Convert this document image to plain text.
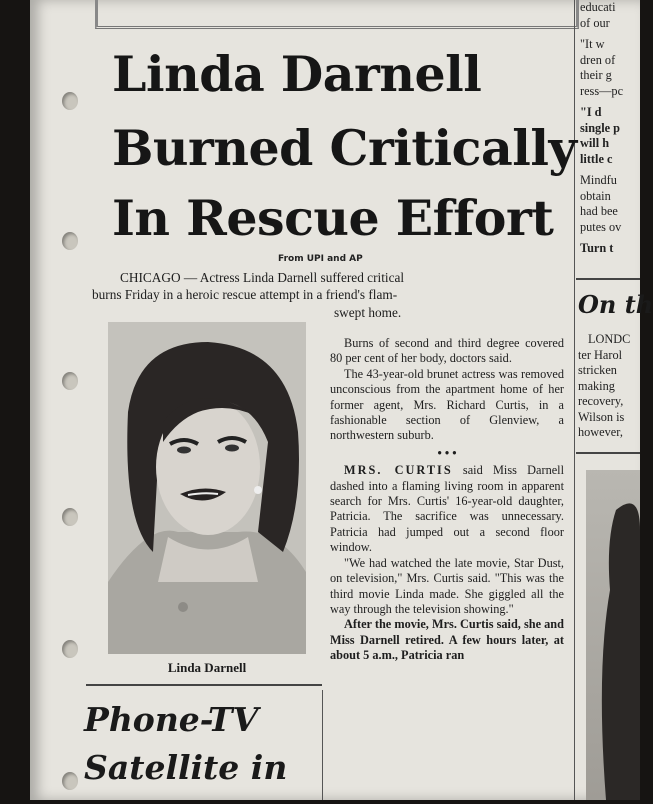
Linda Darnell
Burned Critically
In Rescue Effort
From UPI and AP
CHICAGO — Actress Linda Darnell suffered critical
burns Friday in a heroic rescue attempt in a friend's flam-
swept home.
Linda Darnell

Burns of second and third degree covered 80 per cent of her body, doctors said.

The 43-year-old brunet actress was removed unconscious from the apartment home of her former agent, Mrs. Richard Curtis, in a fashionable section of Glenview, a northwestern suburb.

• • •

MRS. CURTIS said Miss Darnell dashed into a flaming living room in apparent search for Mrs. Curtis' 16-year-old daughter, Patricia. The sacrifice was unnecessary. Patricia had jumped out a second floor window.

"We had watched the late movie, Star Dust, on television," Mrs. Curtis said. "This was the third movie Linda made. She giggled all the way through the television showing."

After the movie, Mrs. Curtis said, she and Miss Darnell retired. A few hours later, at about 5 a.m., Patricia ran

Phone-TV
Satellite in
educati
of our
"It w
dren of
their g
ress—pc
"I d
single p
will h
little c
Mindfu
obtain
had bee
putes ov
Turn t
On th
LONDC
ter Harol
stricken
making
recovery,
Wilson is
however,
